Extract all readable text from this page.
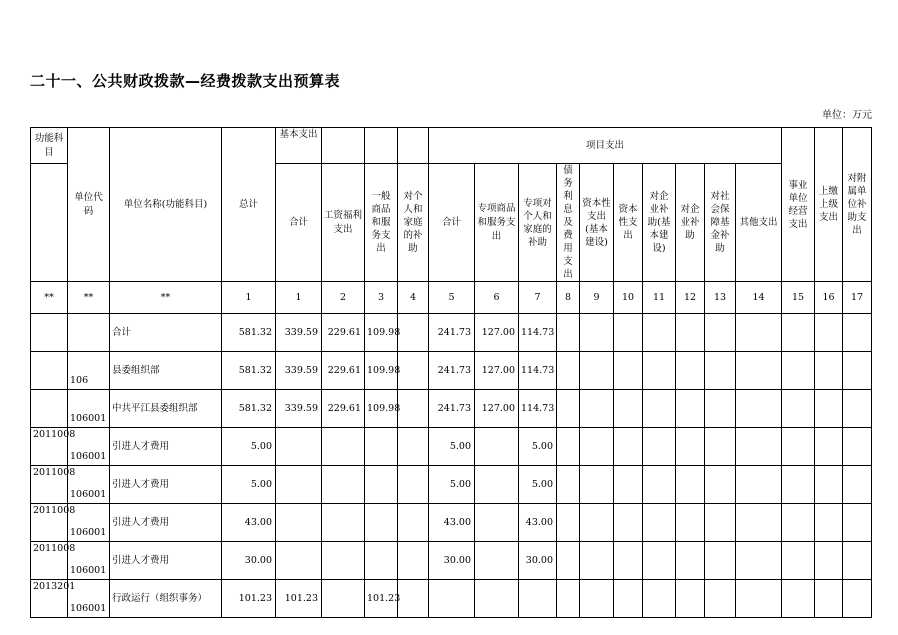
二十一、公共财政拨款—经费拨款支出预算表
单位：万元
功能科目	单位代码	单位名称(功能科目)	总计	基本支出				项目支出										事业单位经营支出	上缴上级支出	对附属单位补助支出
				合计	工资福利支出	一般商品和服务支出	对个人和家庭的补助	合计	专项商品和服务支出	专项对个人和家庭的补助	债务利息及费用支出	资本性支出(基本建设)	资本性支出	对企业补助(基本建设)	对企业补助	对社会保障基金补助	其他支出			
**	**	**	1	1	2	3	4	5	6	7	8	9	10	11	12	13	14	15	16	17
		合计	581.32	339.59	229.61	109.98		241.73	127.00	114.73										
	106	县委组织部	581.32	339.59	229.61	109.98		241.73	127.00	114.73										
	106001	中共平江县委组织部	581.32	339.59	229.61	109.98		241.73	127.00	114.73										
2011008	106001	引进人才费用	5.00					5.00		5.00										
2011008	106001	引进人才费用	5.00					5.00		5.00										
2011008	106001	引进人才费用	43.00					43.00		43.00										
2011008	106001	引进人才费用	30.00					30.00		30.00										
2013201	106001	行政运行（组织事务）	101.23	101.23		101.23														
